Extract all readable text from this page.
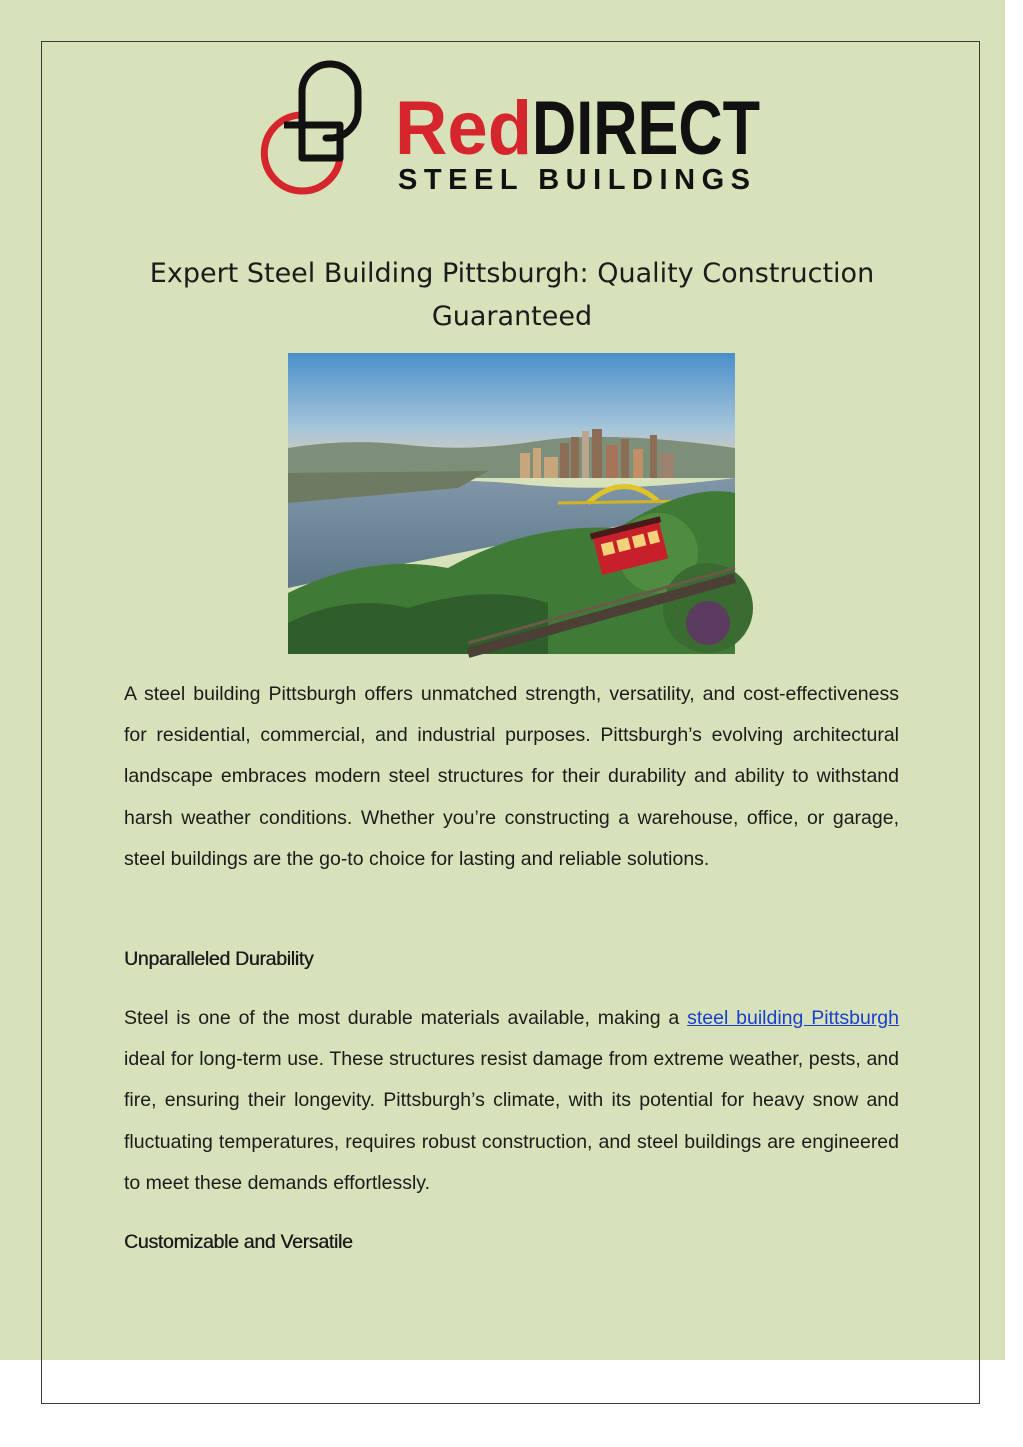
Red DIRECT
STEEL BUILDINGS
Expert Steel Building Pittsburgh: Quality Construction Guaranteed

A steel building Pittsburgh offers unmatched strength, versatility, and cost-effectiveness for residential, commercial, and industrial purposes. Pittsburgh’s evolving architectural landscape embraces modern steel structures for their durability and ability to withstand harsh weather conditions. Whether you’re constructing a warehouse, office, or garage, steel buildings are the go-to choice for lasting and reliable solutions.

Unparalleled Durability

Steel is one of the most durable materials available, making a steel building Pittsburgh ideal for long-term use. These structures resist damage from extreme weather, pests, and fire, ensuring their longevity. Pittsburgh’s climate, with its potential for heavy snow and fluctuating temperatures, requires robust construction, and steel buildings are engineered to meet these demands effortlessly.

Customizable and Versatile
